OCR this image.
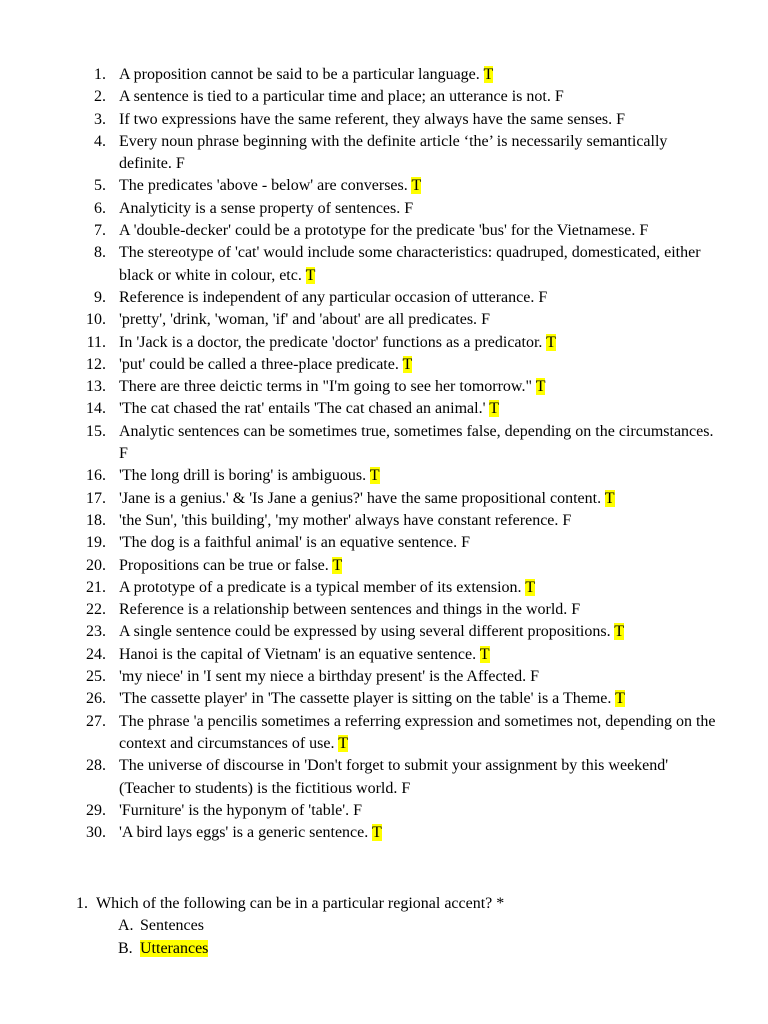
1. A proposition cannot be said to be a particular language. T
2. A sentence is tied to a particular time and place; an utterance is not. F
3. If two expressions have the same referent, they always have the same senses. F
4. Every noun phrase beginning with the definite article ‘the’ is necessarily semantically definite. F
5. The predicates 'above - below' are converses. T
6. Analyticity is a sense property of sentences. F
7. A 'double-decker' could be a prototype for the predicate 'bus' for the Vietnamese. F
8. The stereotype of 'cat' would include some characteristics: quadruped, domesticated, either black or white in colour, etc. T
9. Reference is independent of any particular occasion of utterance. F
10. 'pretty', 'drink, 'woman, 'if' and 'about' are all predicates. F
11. In 'Jack is a doctor, the predicate 'doctor' functions as a predicator. T
12. 'put' could be called a three-place predicate. T
13. There are three deictic terms in "I'm going to see her tomorrow." T
14. 'The cat chased the rat' entails 'The cat chased an animal.' T
15. Analytic sentences can be sometimes true, sometimes false, depending on the circumstances. F
16. 'The long drill is boring' is ambiguous. T
17. 'Jane is a genius.' & 'Is Jane a genius?' have the same propositional content. T
18. 'the Sun', 'this building', 'my mother' always have constant reference. F
19. 'The dog is a faithful animal' is an equative sentence. F
20. Propositions can be true or false. T
21. A prototype of a predicate is a typical member of its extension. T
22. Reference is a relationship between sentences and things in the world. F
23. A single sentence could be expressed by using several different propositions. T
24. Hanoi is the capital of Vietnam' is an equative sentence. T
25. 'my niece' in 'I sent my niece a birthday present' is the Affected. F
26. 'The cassette player' in 'The cassette player is sitting on the table' is a Theme. T
27. The phrase 'a pencilis sometimes a referring expression and sometimes not, depending on the context and circumstances of use. T
28. The universe of discourse in 'Don't forget to submit your assignment by this weekend' (Teacher to students) is the fictitious world. F
29. 'Furniture' is the hyponym of 'table'. F
30. 'A bird lays eggs' is a generic sentence. T
1. Which of the following can be in a particular regional accent? *
A. Sentences
B. Utterances
